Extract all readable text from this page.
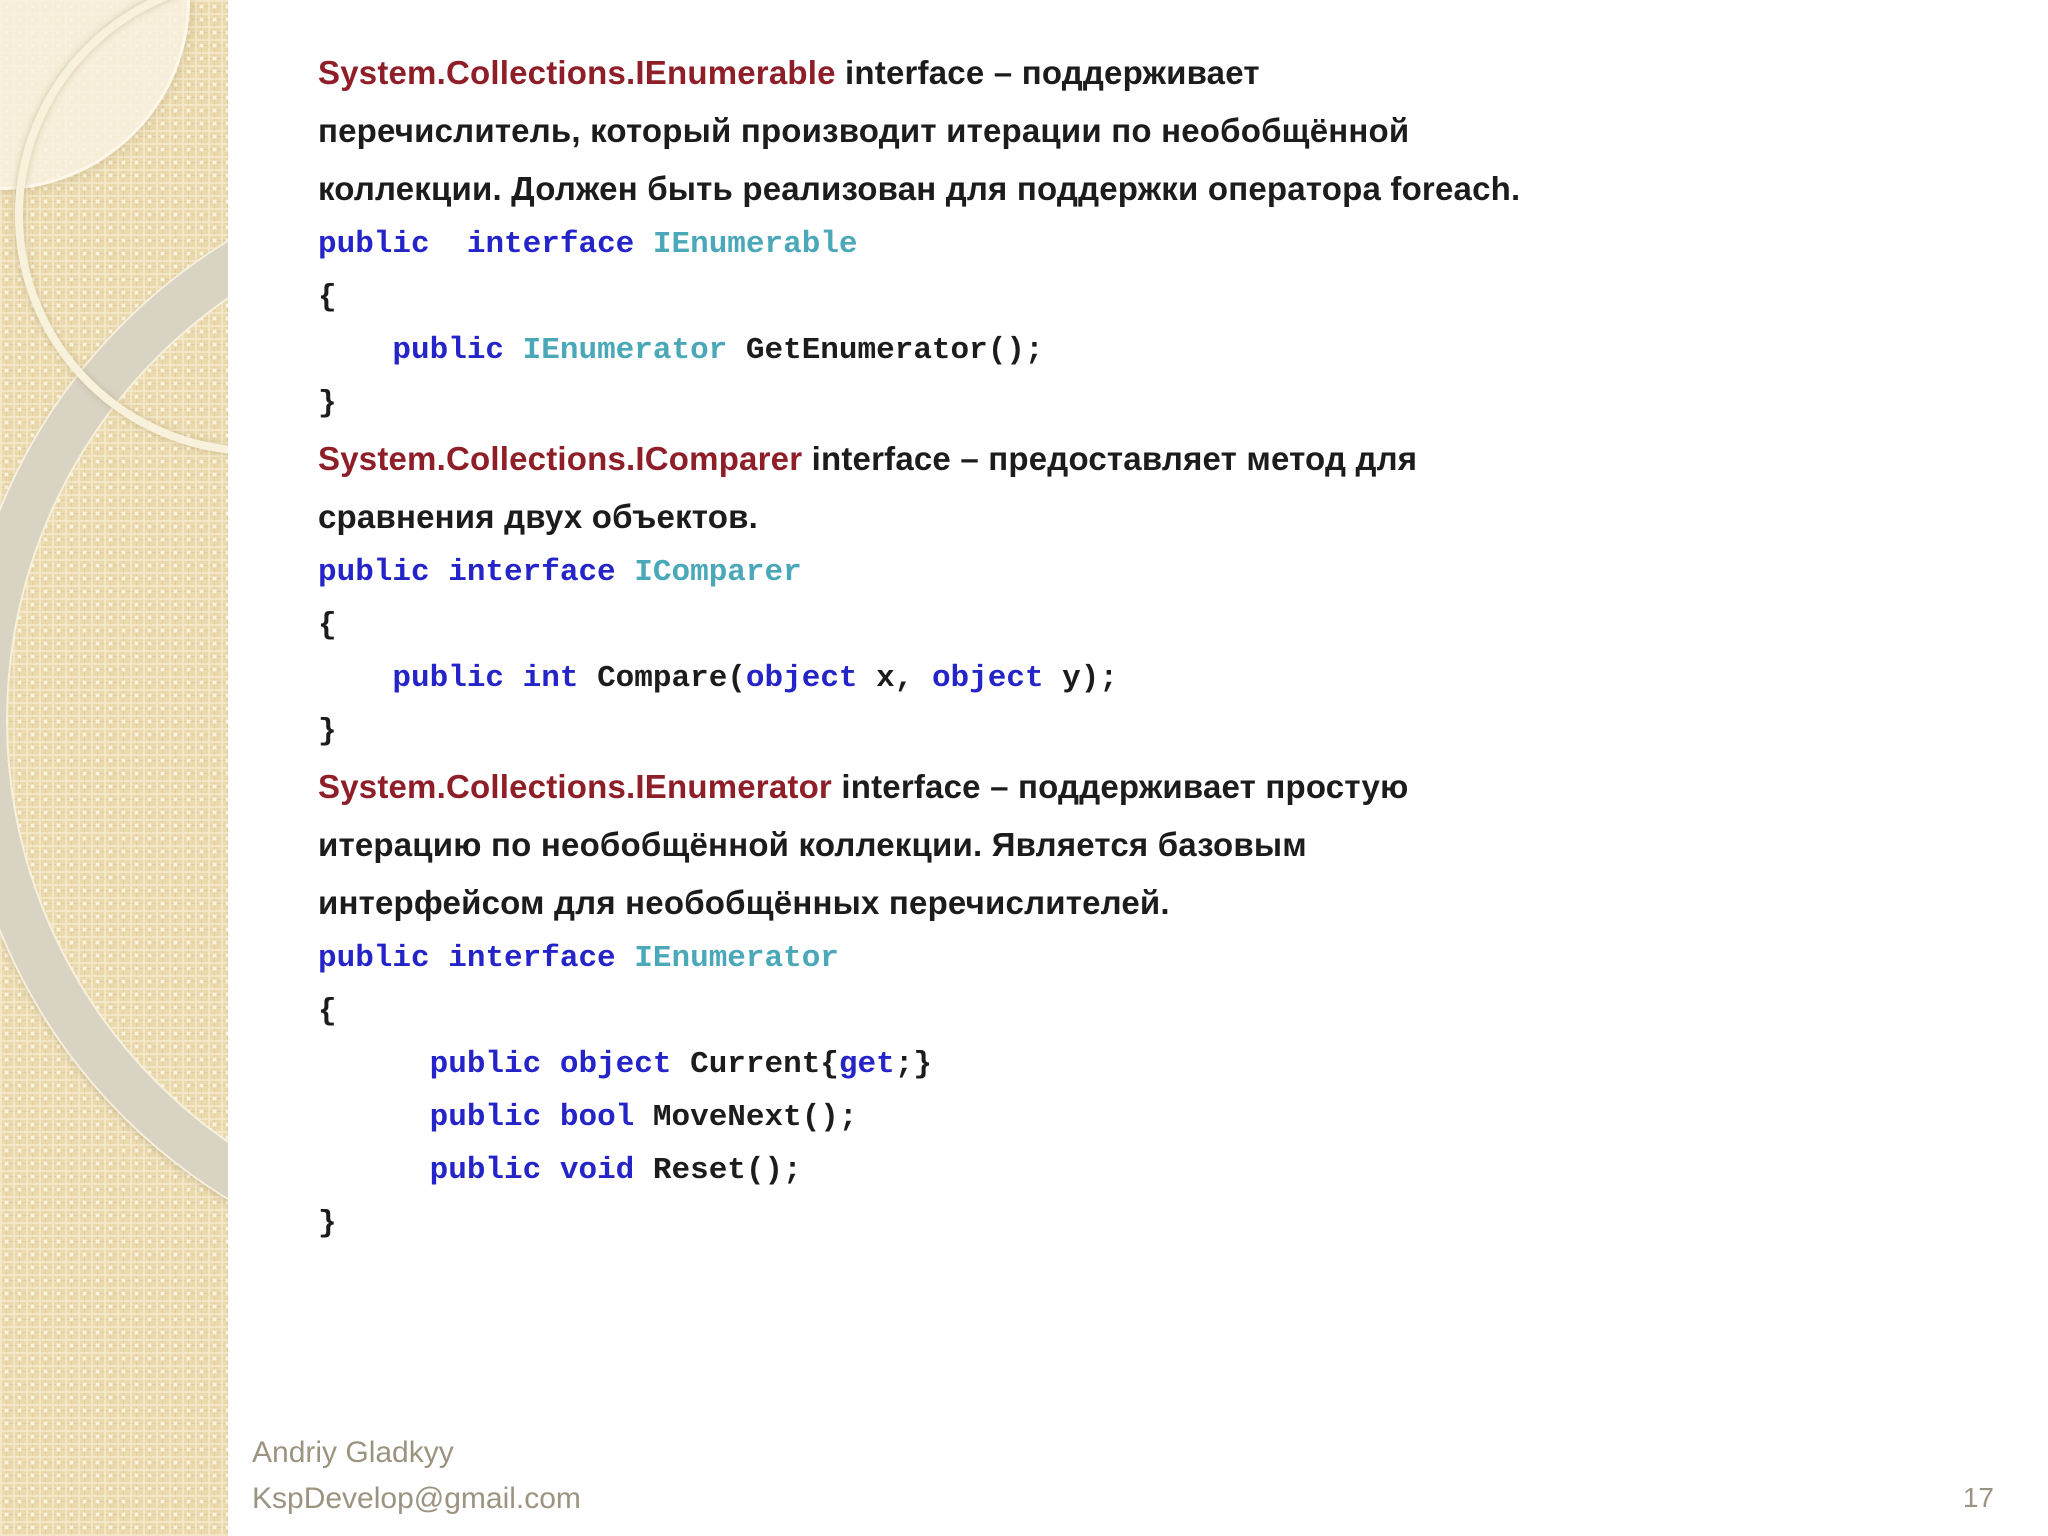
System.Collections.IEnumerable interface – поддерживает
перечислитель, который производит итерации по необобщённой
коллекции. Должен быть реализован для поддержки оператора foreach.
public interface IEnumerable
{
public IEnumerator GetEnumerator();
}
System.Collections.IComparer interface – предоставляет метод для
сравнения двух объектов.
public interface IComparer
{
public int Compare(object x, object y);
}
System.Collections.IEnumerator interface – поддерживает простую
итерацию по необобщённой коллекции. Является базовым
интерфейсом для необобщённых перечислителей.
public interface IEnumerator
{
public object Current{get;}
public bool MoveNext();
public void Reset();
}
Andriy Gladkyy
KspDevelop@gmail.com	17
